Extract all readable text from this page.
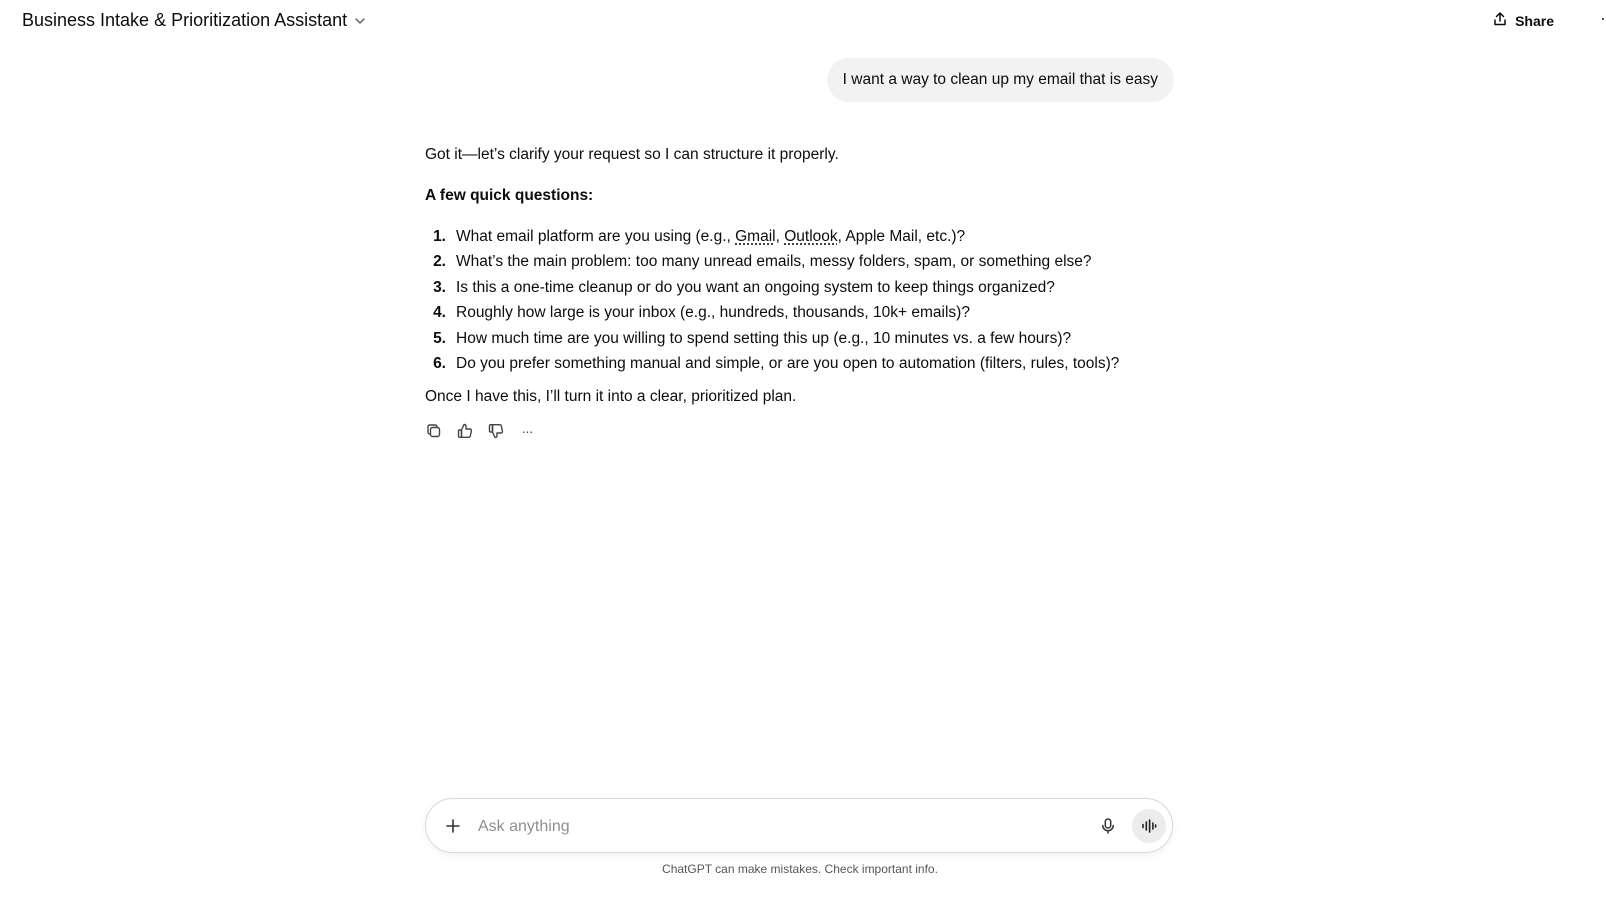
Business Intake & Prioritization Assistant	Share	·
I want a way to clean up my email that is easy

Got it—let’s clarify your request so I can structure it properly.

A few quick questions:

1. What email platform are you using (e.g., Gmail, Outlook, Apple Mail, etc.)?
2. What’s the main problem: too many unread emails, messy folders, spam, or something else?
3. Is this a one-time cleanup or do you want an ongoing system to keep things organized?
4. Roughly how large is your inbox (e.g., hundreds, thousands, 10k+ emails)?
5. How much time are you willing to spend setting this up (e.g., 10 minutes vs. a few hours)?
6. Do you prefer something manual and simple, or are you open to automation (filters, rules, tools)?

Once I have this, I’ll turn it into a clear, prioritized plan.

···
Ask anything
ChatGPT can make mistakes. Check important info.
